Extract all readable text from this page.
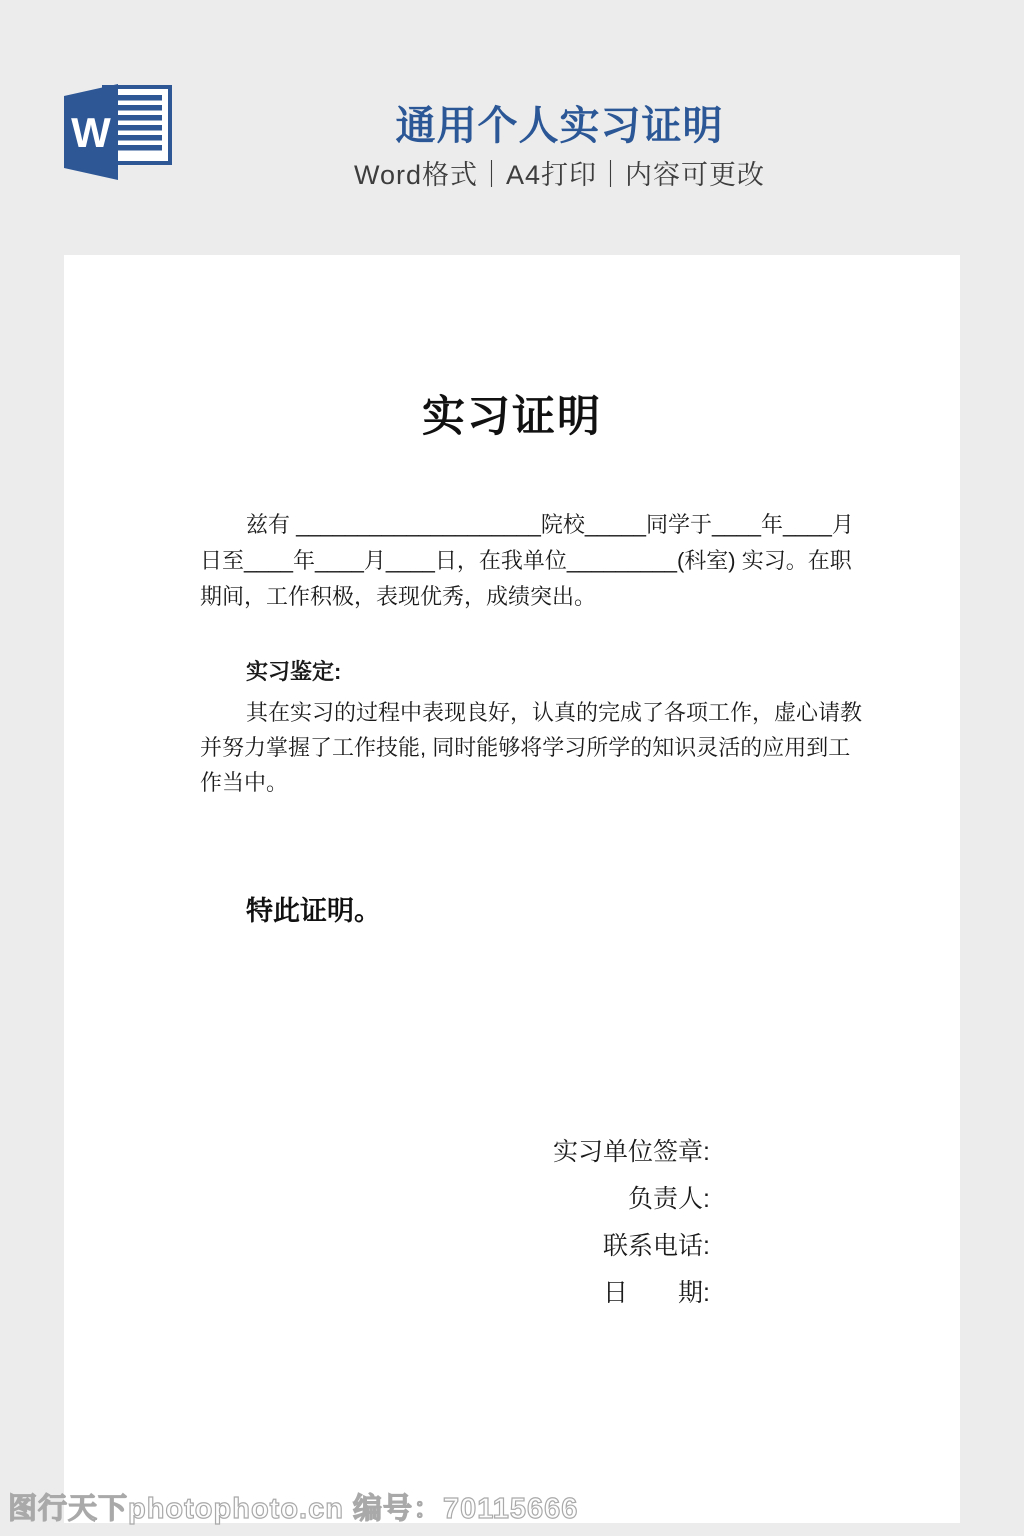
W	通用个人实习证明
Word格式｜A4打印｜内容可更改
实习证明
兹有 ____________________院校_____同学于____年____月
日至____年____月____日，在我单位_________(科室) 实习。在职
期间，工作积极，表现优秀，成绩突出。
实习鉴定:
其在实习的过程中表现良好，认真的完成了各项工作，虚心请教
并努力掌握了工作技能, 同时能够将学习所学的知识灵活的应用到工
作当中。
特此证明。
实习单位签章:
负责人:
联系电话:
日　　期:
图行天下photophoto.cn 编号：70115666
